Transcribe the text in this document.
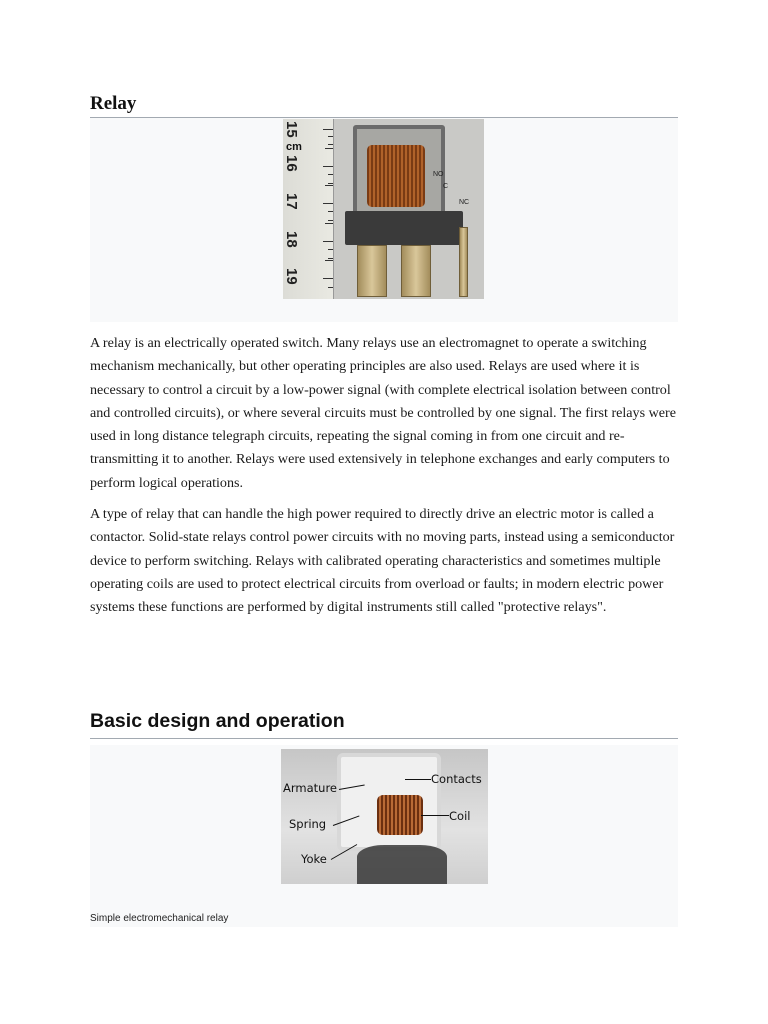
Relay
15
cm
16
17
18
19
NO
C
NC

A relay is an electrically operated switch. Many relays use an electromagnet to operate a switching mechanism mechanically, but other operating principles are also used. Relays are used where it is necessary to control a circuit by a low-power signal (with complete electrical isolation between control and controlled circuits), or where several circuits must be controlled by one signal. The first relays were used in long distance telegraph circuits, repeating the signal coming in from one circuit and re-transmitting it to another. Relays were used extensively in telephone exchanges and early computers to perform logical operations.

A type of relay that can handle the high power required to directly drive an electric motor is called a contactor. Solid-state relays control power circuits with no moving parts, instead using a semiconductor device to perform switching. Relays with calibrated operating characteristics and sometimes multiple operating coils are used to protect electrical circuits from overload or faults; in modern electric power systems these functions are performed by digital instruments still called "protective relays".

Basic design and operation
Armature
Spring
Yoke
Contacts
Coil

Simple electromechanical relay
